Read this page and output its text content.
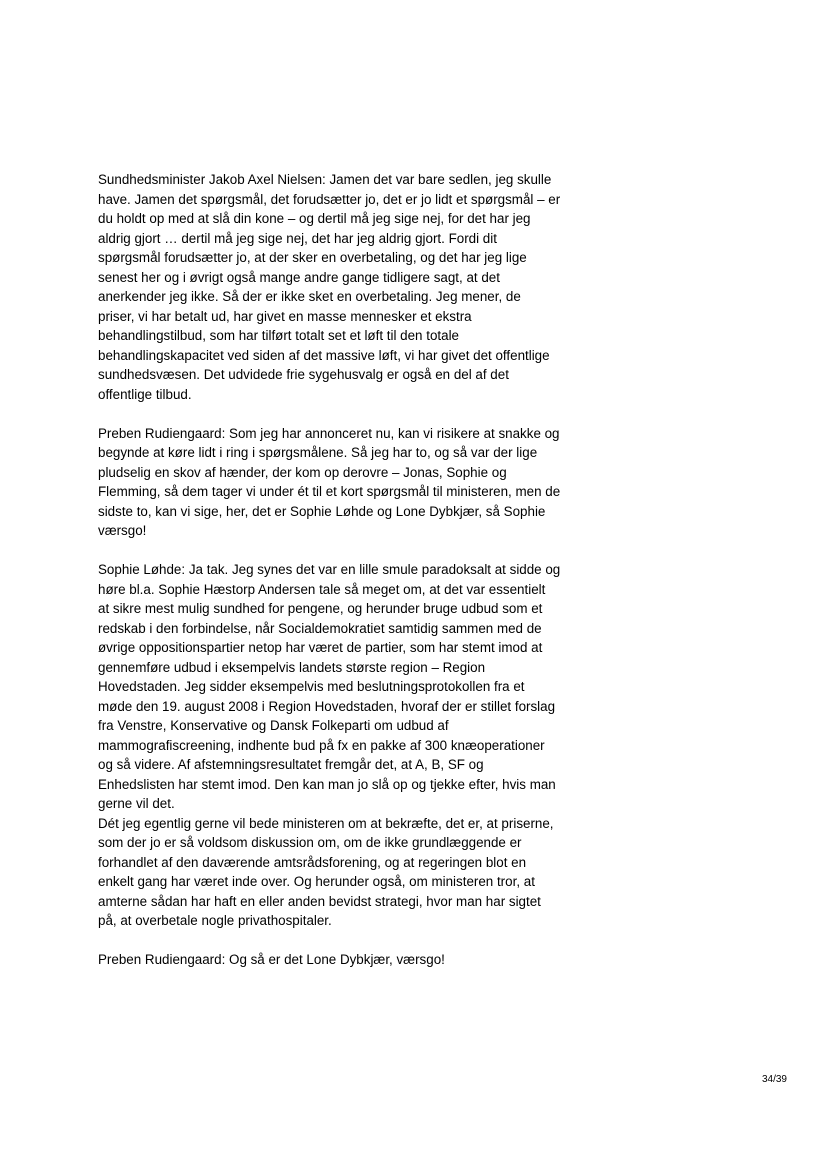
Sundhedsminister Jakob Axel Nielsen: Jamen det var bare sedlen, jeg skulle
have. Jamen det spørgsmål, det forudsætter jo, det er jo lidt et spørgsmål – er
du holdt op med at slå din kone – og dertil må jeg sige nej, for det har jeg
aldrig gjort … dertil må jeg sige nej, det har jeg aldrig gjort. Fordi dit
spørgsmål forudsætter jo, at der sker en overbetaling, og det har jeg lige
senest her og i øvrigt også mange andre gange tidligere sagt, at det
anerkender jeg ikke. Så der er ikke sket en overbetaling. Jeg mener, de
priser, vi har betalt ud, har givet en masse mennesker et ekstra
behandlingstilbud, som har tilført totalt set et løft til den totale
behandlingskapacitet ved siden af det massive løft, vi har givet det offentlige
sundhedsvæsen. Det udvidede frie sygehusvalg er også en del af det
offentlige tilbud.

Preben Rudiengaard: Som jeg har annonceret nu, kan vi risikere at snakke og
begynde at køre lidt i ring i spørgsmålene. Så jeg har to, og så var der lige
pludselig en skov af hænder, der kom op derovre – Jonas, Sophie og
Flemming, så dem tager vi under ét til et kort spørgsmål til ministeren, men de
sidste to, kan vi sige, her, det er Sophie Løhde og Lone Dybkjær, så Sophie
værsgo!

Sophie Løhde: Ja tak. Jeg synes det var en lille smule paradoksalt at sidde og
høre bl.a. Sophie Hæstorp Andersen tale så meget om, at det var essentielt
at sikre mest mulig sundhed for pengene, og herunder bruge udbud som et
redskab i den forbindelse, når Socialdemokratiet samtidig sammen med de
øvrige oppositionspartier netop har været de partier, som har stemt imod at
gennemføre udbud i eksempelvis landets største region – Region
Hovedstaden. Jeg sidder eksempelvis med beslutningsprotokollen fra et
møde den 19. august 2008 i Region Hovedstaden, hvoraf der er stillet forslag
fra Venstre, Konservative og Dansk Folkeparti om udbud af
mammografiscreening, indhente bud på fx en pakke af 300 knæoperationer
og så videre. Af afstemningsresultatet fremgår det, at A, B, SF og
Enhedslisten har stemt imod. Den kan man jo slå op og tjekke efter, hvis man
gerne vil det.
Dét jeg egentlig gerne vil bede ministeren om at bekræfte, det er, at priserne,
som der jo er så voldsom diskussion om, om de ikke grundlæggende er
forhandlet af den daværende amtsrådsforening, og at regeringen blot en
enkelt gang har været inde over. Og herunder også, om ministeren tror, at
amterne sådan har haft en eller anden bevidst strategi, hvor man har sigtet
på, at overbetale nogle privathospitaler.

Preben Rudiengaard: Og så er det Lone Dybkjær, værsgo!

34/39
